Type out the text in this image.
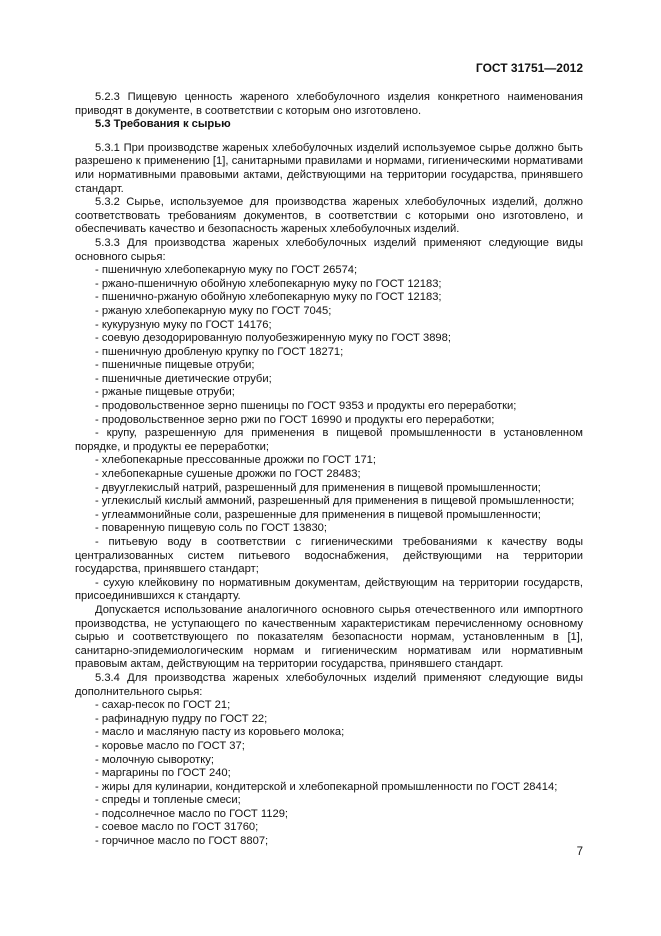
ГОСТ 31751—2012

5.2.3 Пищевую ценность жареного хлебобулочного изделия конкретного наименования приводят в документе, в соответствии с которым оно изготовлено.

5.3 Требования к сырью

5.3.1 При производстве жареных хлебобулочных изделий используемое сырье должно быть разрешено к применению [1], санитарными правилами и нормами, гигиеническими нормативами или нормативными правовыми актами, действующими на территории государства, принявшего стандарт.

5.3.2 Сырье, используемое для производства жареных хлебобулочных изделий, должно соответствовать требованиям документов, в соответствии с которыми оно изготовлено, и обеспечивать качество и безопасность жареных хлебобулочных изделий.

5.3.3 Для производства жареных хлебобулочных изделий применяют следующие виды основного сырья:

- пшеничную хлебопекарную муку по ГОСТ 26574;

- ржано-пшеничную обойную хлебопекарную муку по ГОСТ 12183;

- пшенично-ржаную обойную хлебопекарную муку по ГОСТ 12183;

- ржаную хлебопекарную муку по ГОСТ 7045;

- кукурузную муку по ГОСТ 14176;

- соевую дезодорированную полуобезжиренную муку по ГОСТ 3898;

- пшеничную дробленую крупку по ГОСТ 18271;

- пшеничные пищевые отруби;

- пшеничные диетические отруби;

- ржаные пищевые отруби;

- продовольственное зерно пшеницы по ГОСТ 9353 и продукты его переработки;

- продовольственное зерно ржи по ГОСТ 16990 и продукты его переработки;

- крупу, разрешенную для применения в пищевой промышленности в установленном порядке, и продукты ее переработки;

- хлебопекарные прессованные дрожжи по ГОСТ 171;

- хлебопекарные сушеные дрожжи по ГОСТ 28483;

- двууглекислый натрий, разрешенный для применения в пищевой промышленности;

- углекислый кислый аммоний, разрешенный для применения в пищевой промышленности;

- углеаммонийные соли, разрешенные для применения в пищевой промышленности;

- поваренную пищевую соль по ГОСТ 13830;

- питьевую воду в соответствии с гигиеническими требованиями к качеству воды централизованных систем питьевого водоснабжения, действующими на территории государства, принявшего стандарт;

- сухую клейковину по нормативным документам, действующим на территории государств, присоединившихся к стандарту.

Допускается использование аналогичного основного сырья отечественного или импортного производства, не уступающего по качественным характеристикам перечисленному основному сырью и соответствующего по показателям безопасности нормам, установленным в [1], санитарно-эпидемиологическим нормам и гигиеническим нормативам или нормативным правовым актам, действующим на территории государства, принявшего стандарт.

5.3.4 Для производства жареных хлебобулочных изделий применяют следующие виды дополнительного сырья:

- сахар-песок по ГОСТ 21;

- рафинадную пудру по ГОСТ 22;

- масло и масляную пасту из коровьего молока;

- коровье масло по ГОСТ 37;

- молочную сыворотку;

- маргарины по ГОСТ 240;

- жиры для кулинарии, кондитерской и хлебопекарной промышленности по ГОСТ 28414;

- спреды и топленые смеси;

- подсолнечное масло по ГОСТ 1129;

- соевое масло по ГОСТ 31760;

- горчичное масло по ГОСТ 8807;

7
